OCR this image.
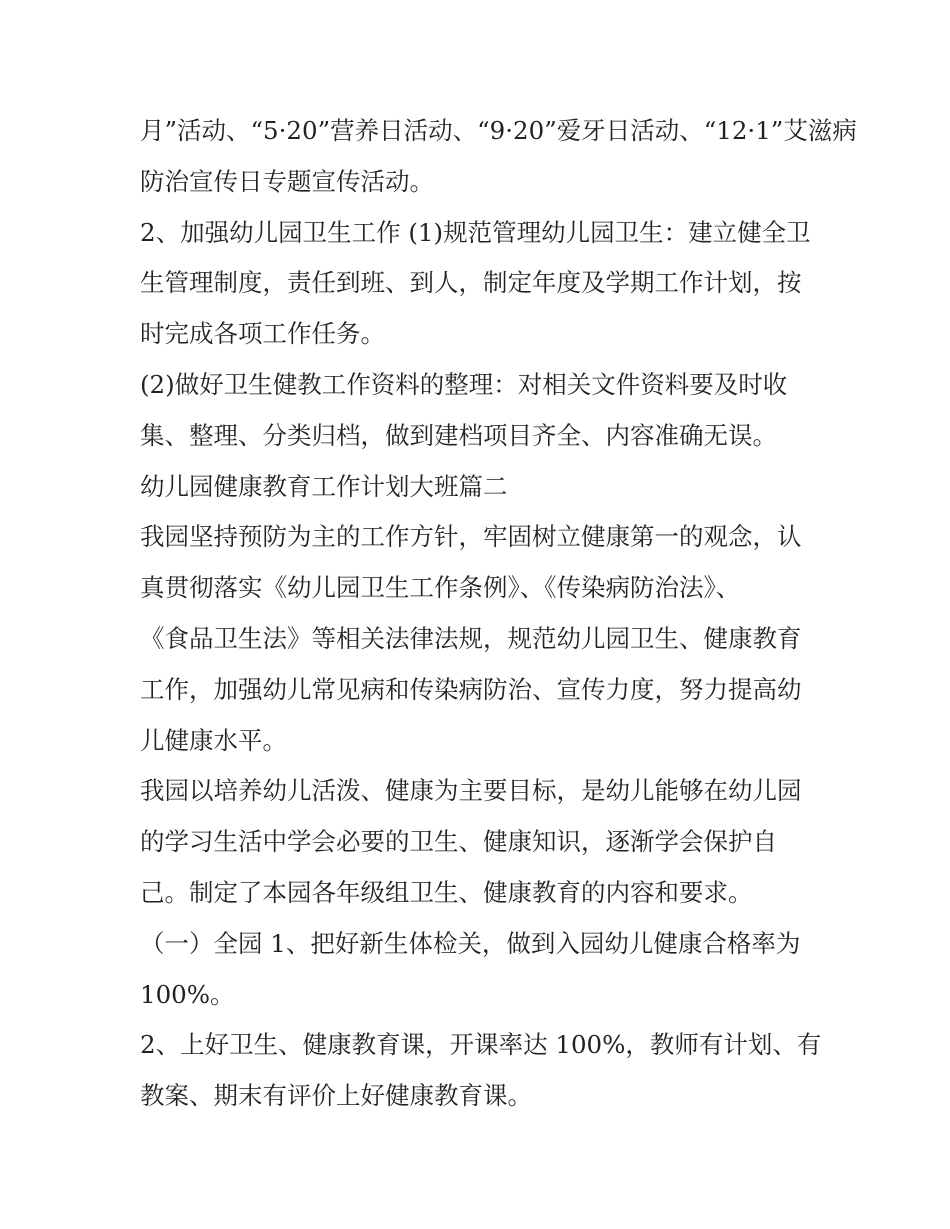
月”活动、“5·20”营养日活动、“9·20”爱牙日活动、“12·1”艾滋病
防治宣传日专题宣传活动。
2、加强幼儿园卫生工作 (1)规范管理幼儿园卫生：建立健全卫
生管理制度，责任到班、到人，制定年度及学期工作计划，按
时完成各项工作任务。
(2)做好卫生健教工作资料的整理：对相关文件资料要及时收
集、整理、分类归档，做到建档项目齐全、内容准确无误。
幼儿园健康教育工作计划大班篇二
我园坚持预防为主的工作方针，牢固树立健康第一的观念，认
真贯彻落实《幼儿园卫生工作条例》、《传染病防治法》、
《食品卫生法》等相关法律法规，规范幼儿园卫生、健康教育
工作，加强幼儿常见病和传染病防治、宣传力度，努力提高幼
儿健康水平。
我园以培养幼儿活泼、健康为主要目标，是幼儿能够在幼儿园
的学习生活中学会必要的卫生、健康知识，逐渐学会保护自
己。制定了本园各年级组卫生、健康教育的内容和要求。
（一）全园 1、把好新生体检关，做到入园幼儿健康合格率为
100%。
2、上好卫生、健康教育课，开课率达 100%，教师有计划、有
教案、期末有评价上好健康教育课。
